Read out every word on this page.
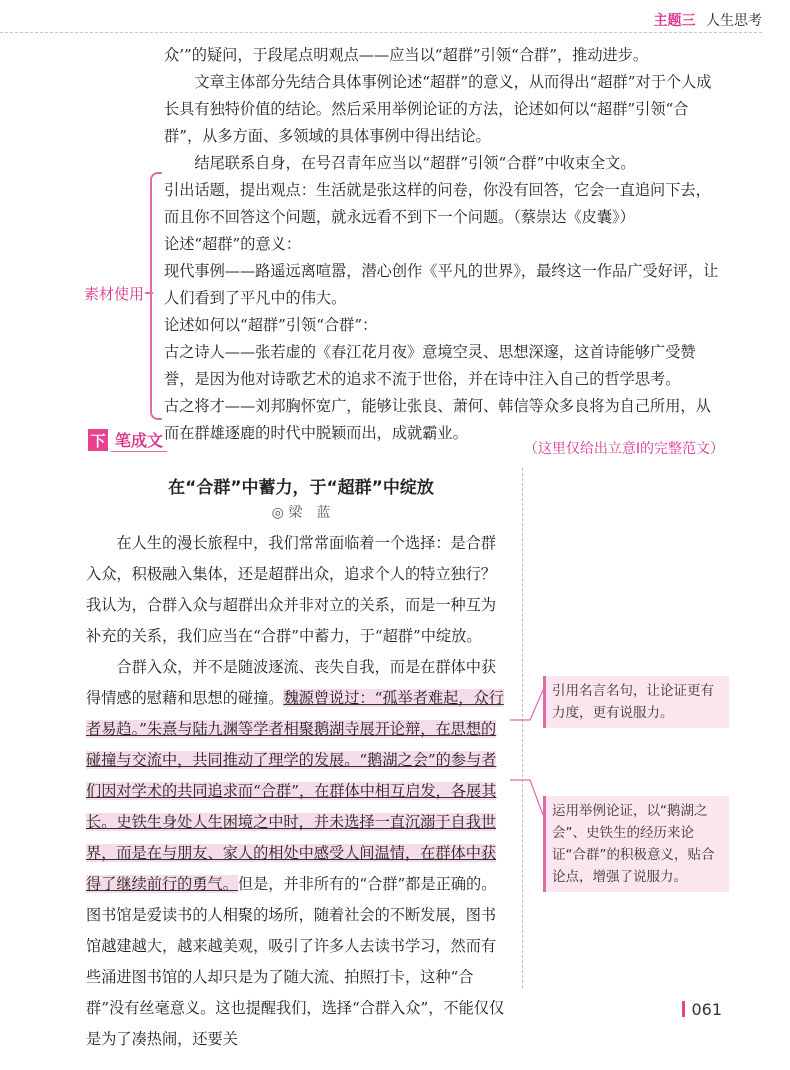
主题三 人生思考

众’”的疑问，于段尾点明观点——应当以“超群”引领“合群”，推动进步。

文章主体部分先结合具体事例论述“超群”的意义，从而得出“超群”对于个人成长具有独特价值的结论。然后采用举例论证的方法，论述如何以“超群”引领“合群”，从多方面、多领域的具体事例中得出结论。

结尾联系自身，在号召青年应当以“超群”引领“合群”中收束全文。

素材使用

引出话题，提出观点：生活就是张这样的问卷，你没有回答，它会一直追问下去，而且你不回答这个问题，就永远看不到下一个问题。（蔡崇达《皮囊》）

论述“超群”的意义：

现代事例——路遥远离喧嚣，潜心创作《平凡的世界》，最终这一作品广受好评，让人们看到了平凡中的伟大。

论述如何以“超群”引领“合群”：

古之诗人——张若虚的《春江花月夜》意境空灵、思想深邃，这首诗能够广受赞誉，是因为他对诗歌艺术的追求不流于世俗，并在诗中注入自己的哲学思考。

古之将才——刘邦胸怀宽广，能够让张良、萧何、韩信等众多良将为自己所用，从而在群雄逐鹿的时代中脱颖而出，成就霸业。

下 笔成文	（这里仅给出立意Ⅰ的完整范文）
在“合群”中蓄力，于“超群”中绽放
◎ 梁　蓝

在人生的漫长旅程中，我们常常面临着一个选择：是合群入众，积极融入集体，还是超群出众，追求个人的特立独行？我认为，合群入众与超群出众并非对立的关系，而是一种互为补充的关系，我们应当在“合群”中蓄力，于“超群”中绽放。

合群入众，并不是随波逐流、丧失自我，而是在群体中获得情感的慰藉和思想的碰撞。魏源曾说过：“孤举者难起，众行者易趋。”朱熹与陆九渊等学者相聚鹅湖寺展开论辩，在思想的碰撞与交流中，共同推动了理学的发展。“鹅湖之会”的参与者们因对学术的共同追求而“合群”，在群体中相互启发，各展其长。史铁生身处人生困境之中时，并未选择一直沉溺于自我世界，而是在与朋友、家人的相处中感受人间温情，在群体中获得了继续前行的勇气。但是，并非所有的“合群”都是正确的。图书馆是爱读书的人相聚的场所，随着社会的不断发展，图书馆越建越大，越来越美观，吸引了许多人去读书学习，然而有些涌进图书馆的人却只是为了随大流、拍照打卡，这种“合群”没有丝毫意义。这也提醒我们，选择“合群入众”，不能仅仅是为了凑热闹，还要关

引用名言名句，让论证更有力度，更有说服力。
运用举例论证，以“鹅湖之会”、史铁生的经历来论证“合群”的积极意义，贴合论点，增强了说服力。
061
